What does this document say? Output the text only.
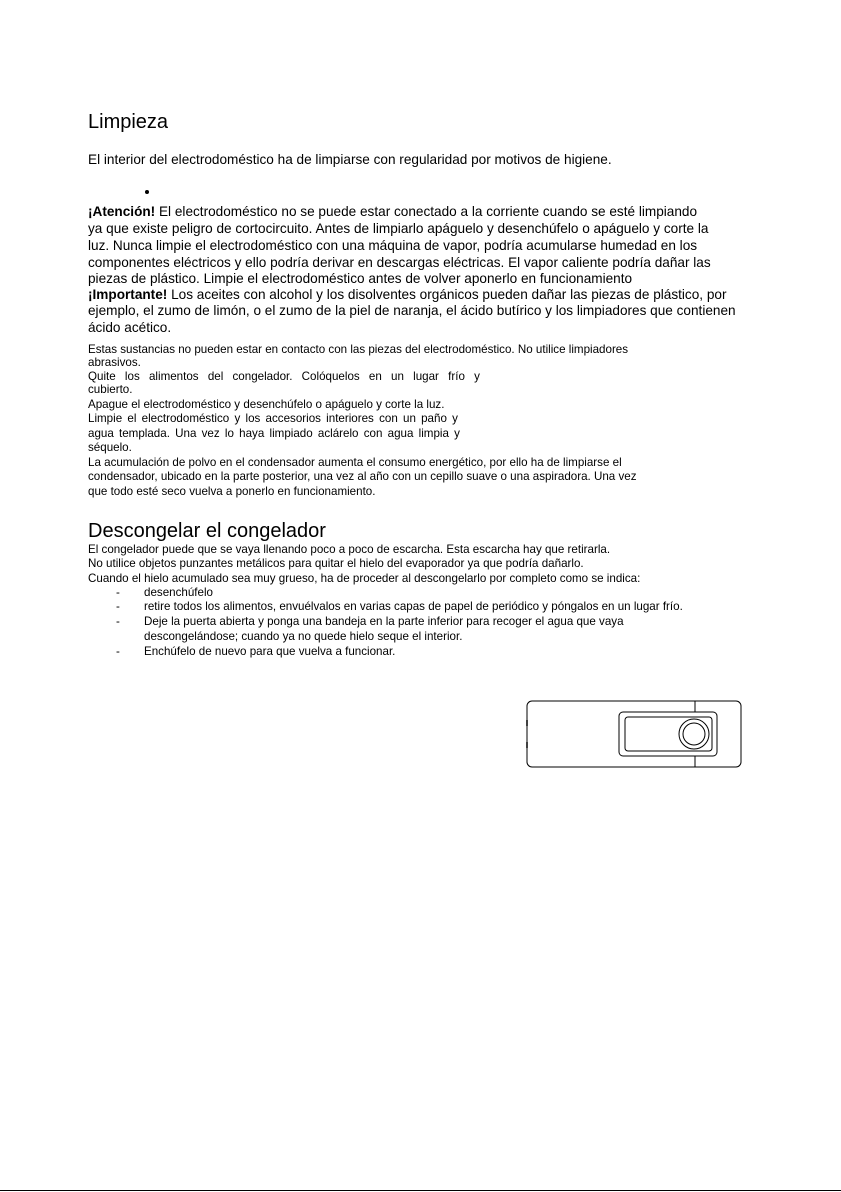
Limpieza
El interior del electrodoméstico ha de limpiarse con regularidad por motivos de higiene.
¡Atención! El electrodoméstico no se puede estar conectado a la corriente cuando se esté limpiando
ya que existe peligro de cortocircuito. Antes de limpiarlo apáguelo y desenchúfelo o apáguelo y corte la
luz. Nunca limpie el electrodoméstico con una máquina de vapor, podría acumularse humedad en los
componentes eléctricos y ello podría derivar en descargas eléctricas. El vapor caliente podría dañar las
piezas de plástico. Limpie el electrodoméstico antes de volver aponerlo en funcionamiento
¡Importante! Los aceites con alcohol y los disolventes orgánicos pueden dañar las piezas de plástico, por
ejemplo, el zumo de limón, o el zumo de la piel de naranja, el ácido butírico y los limpiadores que contienen
ácido acético.
Estas sustancias no pueden estar en contacto con las piezas del electrodoméstico. No utilice limpiadores
abrasivos.
Quite los alimentos del congelador. Colóquelos en un lugar frío y
cubierto.
Apague el electrodoméstico y desenchúfelo o apáguelo y corte la luz.
Limpie el electrodoméstico y los accesorios interiores con un paño y
agua templada. Una vez lo haya limpiado aclárelo con agua limpia y
séquelo.
La acumulación de polvo en el condensador aumenta el consumo energético, por ello ha de limpiarse el
condensador, ubicado en la parte posterior, una vez al año con un cepillo suave o una aspiradora. Una vez
que todo esté seco vuelva a ponerlo en funcionamiento.
Descongelar el congelador
El congelador puede que se vaya llenando poco a poco de escarcha. Esta escarcha hay que retirarla.
No utilice objetos punzantes metálicos para quitar el hielo del evaporador ya que podría dañarlo.
Cuando el hielo acumulado sea muy grueso, ha de proceder al descongelarlo por completo como se indica:
- desenchúfelo
- retire todos los alimentos, envuélvalos en varias capas de papel de periódico y póngalos en un lugar frío.
- Deje la puerta abierta y ponga una bandeja en la parte inferior para recoger el agua que vaya
descongelándose; cuando ya no quede hielo seque el interior.
- Enchúfelo de nuevo para que vuelva a funcionar.
